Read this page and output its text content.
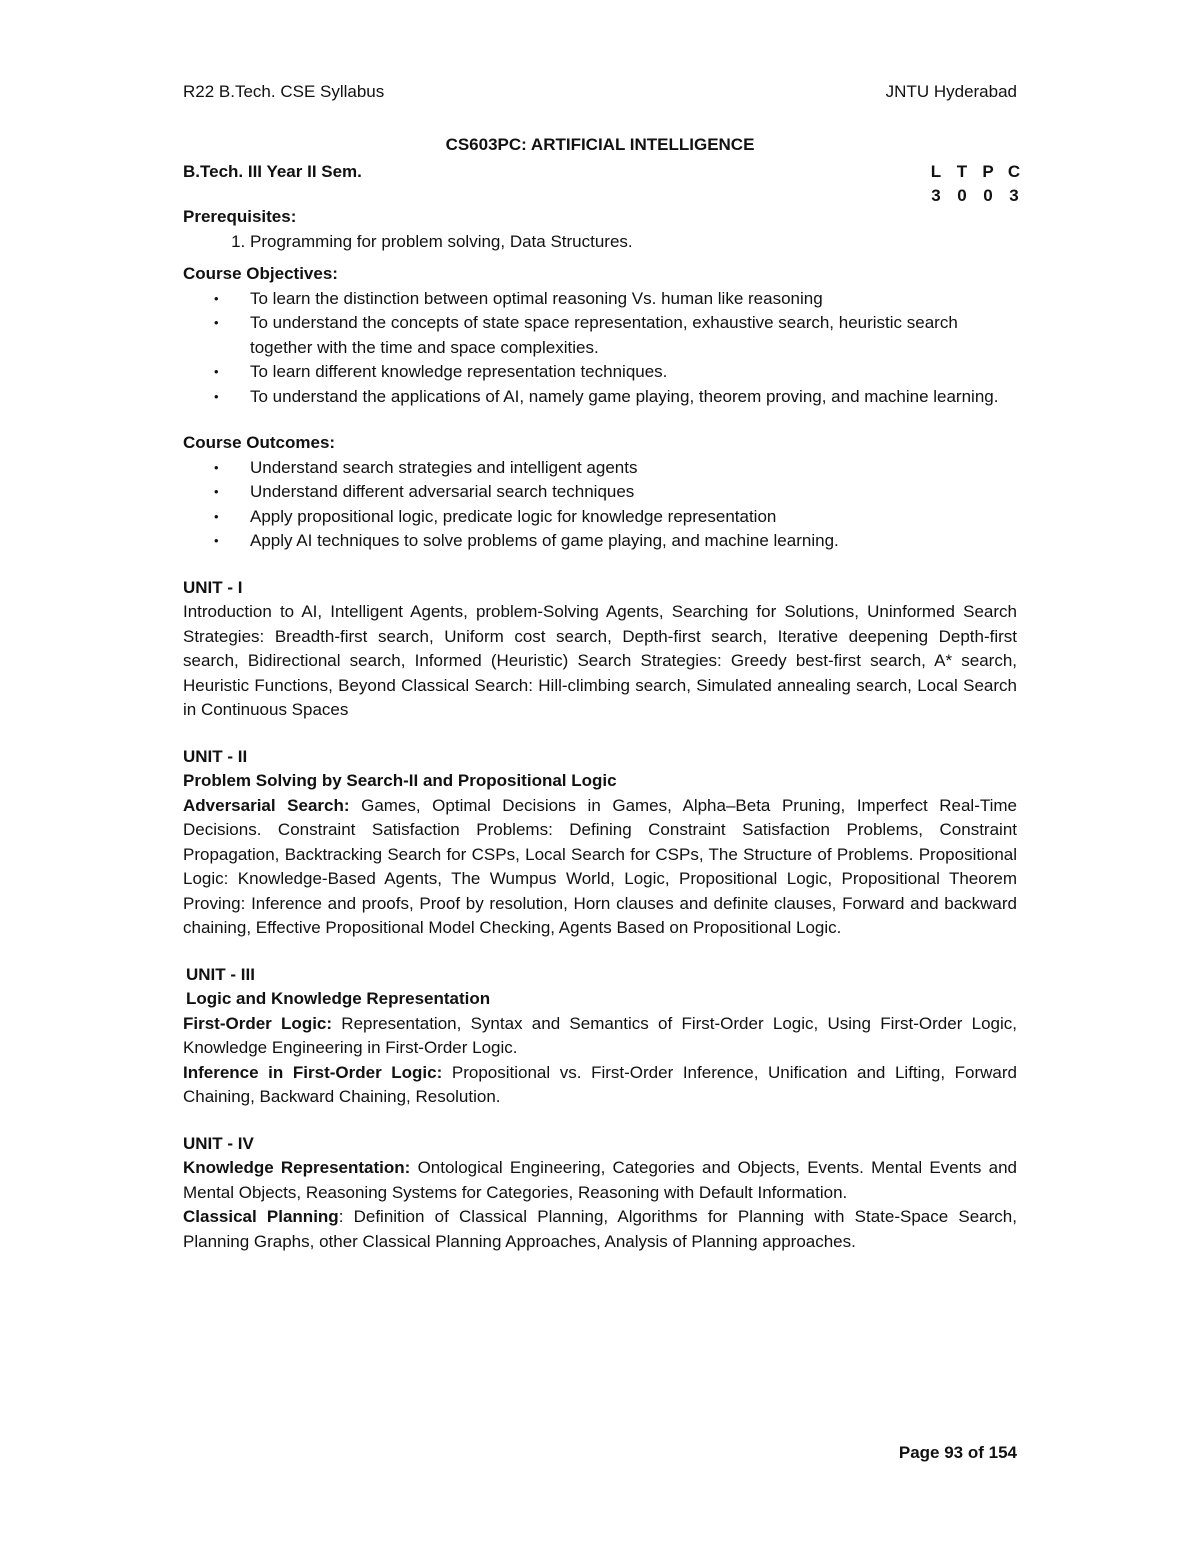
R22 B.Tech. CSE Syllabus	JNTU Hyderabad
CS603PC: ARTIFICIAL INTELLIGENCE
B.Tech. III Year II Sem.	L T P C
3 0 0 3

Prerequisites:

1. Programming for problem solving, Data Structures.

Course Objectives:

• To learn the distinction between optimal reasoning Vs. human like reasoning
• To understand the concepts of state space representation, exhaustive search, heuristic search together with the time and space complexities.
• To learn different knowledge representation techniques.
• To understand the applications of AI, namely game playing, theorem proving, and machine learning.

Course Outcomes:

• Understand search strategies and intelligent agents
• Understand different adversarial search techniques
• Apply propositional logic, predicate logic for knowledge representation
• Apply AI techniques to solve problems of game playing, and machine learning.

UNIT - I

Introduction to AI, Intelligent Agents, problem-Solving Agents, Searching for Solutions, Uninformed Search Strategies: Breadth-first search, Uniform cost search, Depth-first search, Iterative deepening Depth-first search, Bidirectional search, Informed (Heuristic) Search Strategies: Greedy best-first search, A* search, Heuristic Functions, Beyond Classical Search: Hill-climbing search, Simulated annealing search, Local Search in Continuous Spaces

UNIT - II

Problem Solving by Search-II and Propositional Logic

Adversarial Search: Games, Optimal Decisions in Games, Alpha–Beta Pruning, Imperfect Real-Time Decisions. Constraint Satisfaction Problems: Defining Constraint Satisfaction Problems, Constraint Propagation, Backtracking Search for CSPs, Local Search for CSPs, The Structure of Problems. Propositional Logic: Knowledge-Based Agents, The Wumpus World, Logic, Propositional Logic, Propositional Theorem Proving: Inference and proofs, Proof by resolution, Horn clauses and definite clauses, Forward and backward chaining, Effective Propositional Model Checking, Agents Based on Propositional Logic.

UNIT - III

Logic and Knowledge Representation

First-Order Logic: Representation, Syntax and Semantics of First-Order Logic, Using First-Order Logic, Knowledge Engineering in First-Order Logic.

Inference in First-Order Logic: Propositional vs. First-Order Inference, Unification and Lifting, Forward Chaining, Backward Chaining, Resolution.

UNIT - IV

Knowledge Representation: Ontological Engineering, Categories and Objects, Events. Mental Events and Mental Objects, Reasoning Systems for Categories, Reasoning with Default Information.

Classical Planning: Definition of Classical Planning, Algorithms for Planning with State-Space Search, Planning Graphs, other Classical Planning Approaches, Analysis of Planning approaches.

Page 93 of 154
